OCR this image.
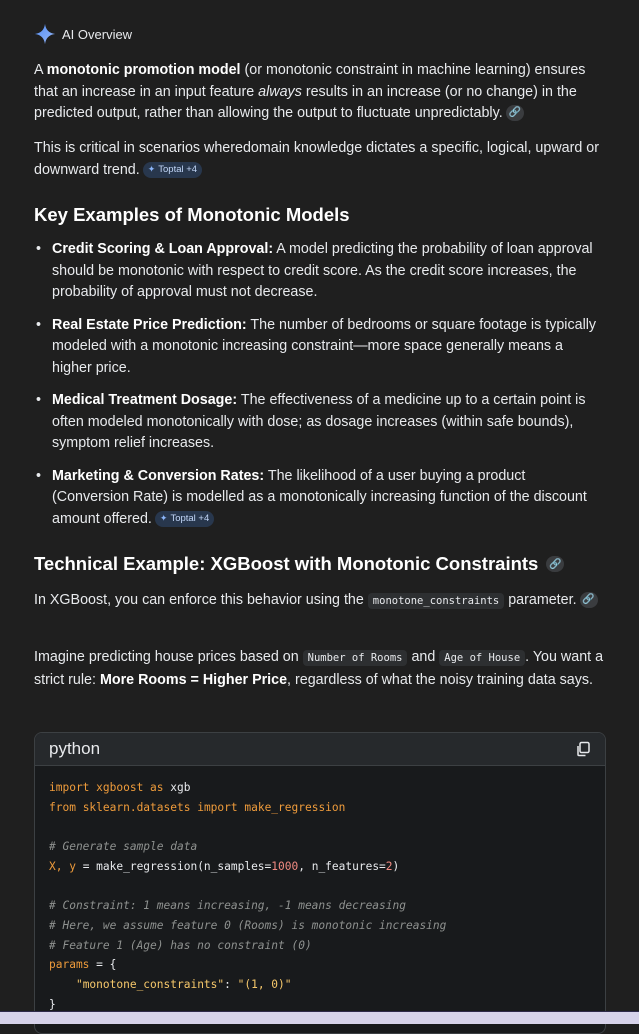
AI Overview

A monotonic promotion model (or monotonic constraint in machine learning) ensures that an increase in an input feature always results in an increase (or no change) in the predicted output, rather than allowing the output to fluctuate unpredictably. 🔗

This is critical in scenarios wheredomain knowledge dictates a specific, logical, upward or downward trend. ✦ Toptal +4

Key Examples of Monotonic Models
• Credit Scoring & Loan Approval: A model predicting the probability of loan approval should be monotonic with respect to credit score. As the credit score increases, the probability of approval must not decrease.
• Real Estate Price Prediction: The number of bedrooms or square footage is typically modeled with a monotonic increasing constraint—more space generally means a higher price.
• Medical Treatment Dosage: The effectiveness of a medicine up to a certain point is often modeled monotonically with dose; as dosage increases (within safe bounds), symptom relief increases.
• Marketing & Conversion Rates: The likelihood of a user buying a product (Conversion Rate) is modelled as a monotonically increasing function of the discount amount offered. ✦ Toptal +4
Technical Example: XGBoost with Monotonic Constraints 🔗

In XGBoost, you can enforce this behavior using the monotone_constraints parameter. 🔗

Imagine predicting house prices based on Number of Rooms and Age of House . You want a strict rule: More Rooms = Higher Price, regardless of what the noisy training data says.

python
import xgboost as xgb
from sklearn.datasets import make_regression

# Generate sample data
X, y = make_regression(n_samples=1000, n_features=2)

# Constraint: 1 means increasing, -1 means decreasing
# Here, we assume feature 0 (Rooms) is monotonic increasing
# Feature 1 (Age) has no constraint (0)
params = {
"monotone_constraints": "(1, 0)"
}
